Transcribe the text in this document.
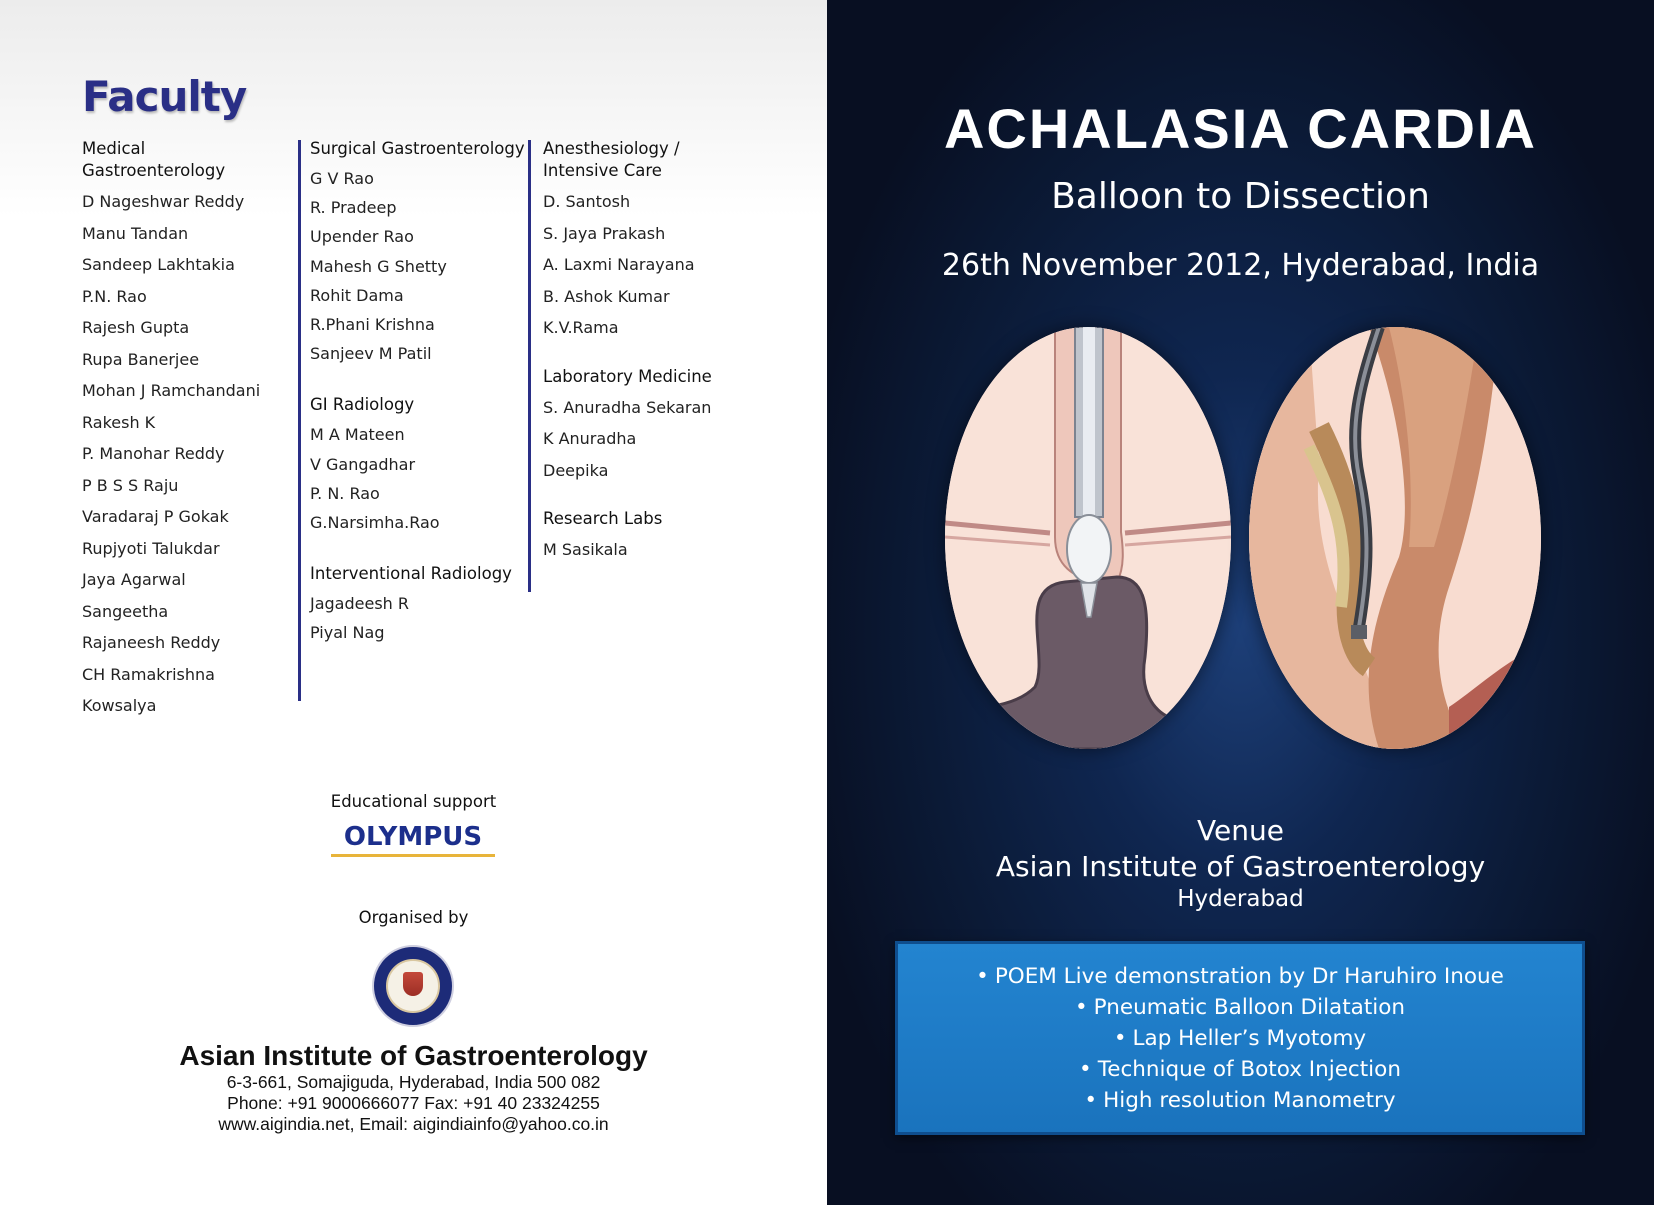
Faculty
Medical Gastroenterology
D Nageshwar Reddy
Manu Tandan
Sandeep Lakhtakia
P.N. Rao
Rajesh Gupta
Rupa Banerjee
Mohan J Ramchandani
Rakesh K
P. Manohar Reddy
P B S S Raju
Varadaraj P Gokak
Rupjyoti Talukdar
Jaya Agarwal
Sangeetha
Rajaneesh Reddy
CH Ramakrishna
Kowsalya
Surgical Gastroenterology
G V Rao
R. Pradeep
Upender Rao
Mahesh G Shetty
Rohit Dama
R.Phani Krishna
Sanjeev M Patil
GI Radiology
M A Mateen
V Gangadhar
P. N. Rao
G.Narsimha.Rao
Interventional Radiology
Jagadeesh R
Piyal Nag
Anesthesiology / Intensive Care
D. Santosh
S. Jaya Prakash
A. Laxmi Narayana
B. Ashok Kumar
K.V.Rama
Laboratory Medicine
S. Anuradha Sekaran
K Anuradha
Deepika
Research Labs
M Sasikala
Educational support
OLYMPUS
Organised by
Asian Institute of Gastroenterology
6-3-661, Somajiguda, Hyderabad, India 500 082
Phone: +91 9000666077 Fax: +91 40 23324255
www.aigindia.net, Email: aigindiainfo@yahoo.co.in
ACHALASIA CARDIA
Balloon to Dissection
26th November 2012, Hyderabad, India
Venue
Asian Institute of Gastroenterology
Hyderabad
• POEM Live demonstration by Dr Haruhiro Inoue
• Pneumatic Balloon Dilatation
• Lap Heller’s Myotomy
• Technique of Botox Injection
• High resolution Manometry
